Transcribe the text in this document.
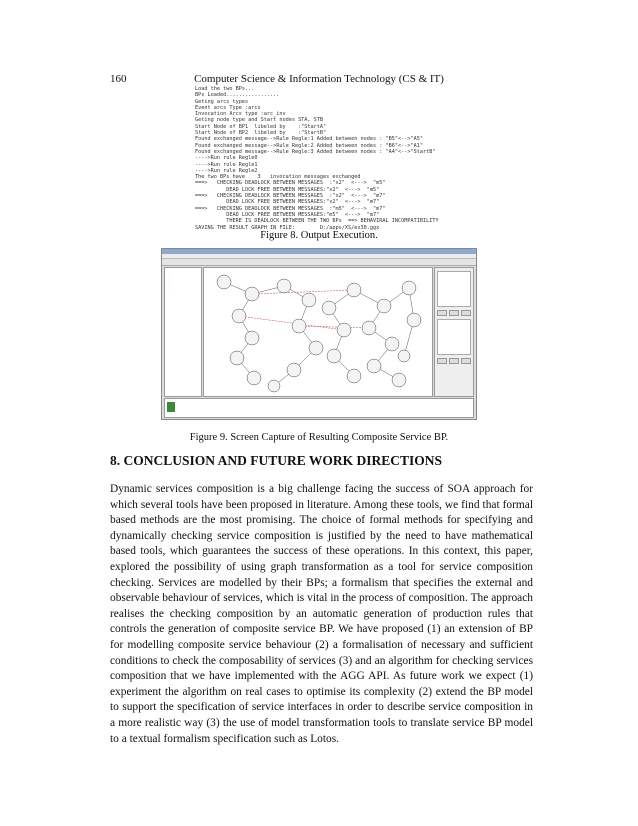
160	Computer Science & Information Technology (CS & IT)
Load the two BPs...
BPs Loaded.................
Geting arcs types
Event arcs Type :arcs
Invocation Arcs type :arc_inv
Geting node type and Start nodes STA, STB
Start Node of BP1  libeled by    :"StartA"
Start Node of BP2  libeled by    :"StartB"
Found exchanged message-->Rule Regle:1 Added between nodes : "B5"<-->"A5"
Found exchanged message-->Rule Regle:2 Added between nodes : "B6"<-->"A1"
Found exchanged message-->Rule Regle:3 Added between nodes : "A4"<-->"StartB"
---->Run rule Regle0
---->Run rule Regle1
---->Run rule Regle2
The two BPs have    3   invocation messages exchanged
===>   CHECKING DEADLOCK BETWEEN MESSAGES  :"x2"  <--->  "m5"
DEAD LOCK FREE BETWEEN MESSAGES:"x2"  <--->  "m5"
===>   CHECKING DEADLOCK BETWEEN MESSAGES  :"x2"  <--->  "m7"
DEAD LOCK FREE BETWEEN MESSAGES:"x2"  <--->  "m7"
===>   CHECKING DEADLOCK BETWEEN MESSAGES  :"m5"  <--->  "m7"
DEAD LOCK FREE BETWEEN MESSAGES:"m5"  <--->  "m7"
THERE IS DEADLOCK BETWEEN THE TWO BPs  ==> BEHAVIRAL INCOMPATIBILITY
SAVING THE RESULT GRAPH IN FILE:        D:/apps/XS/ex30.ggx
Figure 8. Output Execution.
·
·
·
·
·
·
Figure 9. Screen Capture of Resulting Composite Service BP.
8. CONCLUSION AND FUTURE WORK DIRECTIONS
Dynamic services composition is a big challenge facing the success of SOA approach for which several tools have been proposed in literature. Among these tools, we find that formal based methods are the most promising. The choice of formal methods for specifying and dynamically checking service composition is justified by the need to have mathematical based tools, which guarantees the success of these operations. In this context, this paper, explored the possibility of using graph transformation as a tool for service composition checking. Services are modelled by their BPs; a formalism that specifies the external and observable behaviour of services, which is vital in the process of composition. The approach realises the checking composition by an automatic generation of production rules that controls the generation of composite service BP. We have proposed (1) an extension of BP for modelling composite service behaviour (2) a formalisation of necessary and sufficient conditions to check the composability of services (3) and an algorithm for checking services composition that we have implemented with the AGG API. As future work we expect (1) experiment the algorithm on real cases to optimise its complexity (2) extend the BP model to support the specification of service interfaces in order to describe service composition in a more realistic way (3) the use of model transformation tools to translate service BP model to a textual formalism specification such as Lotos.
